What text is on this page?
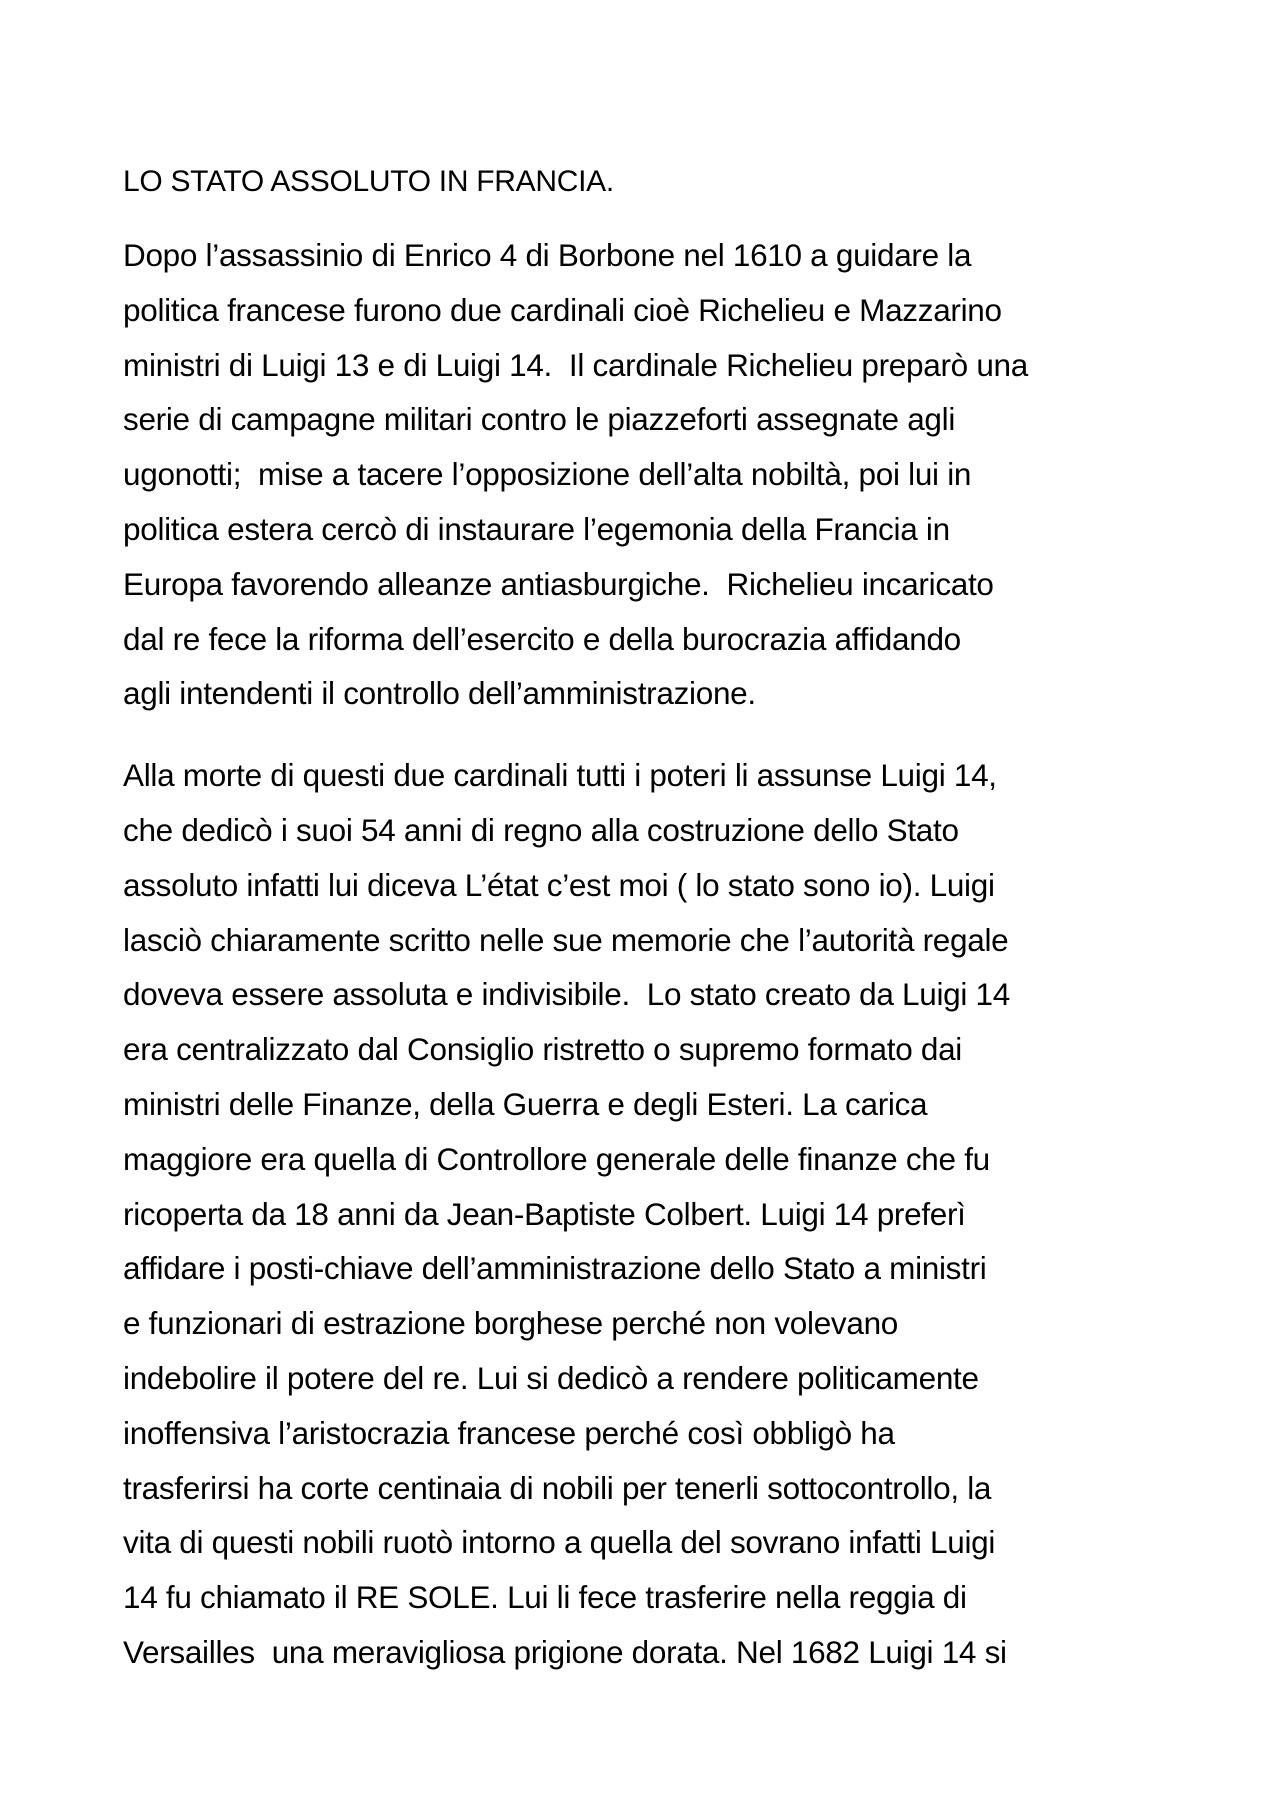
LO STATO ASSOLUTO IN FRANCIA.
Dopo l’assassinio di Enrico 4 di Borbone nel 1610 a guidare la
politica francese furono due cardinali cioè Richelieu e Mazzarino
ministri di Luigi 13 e di Luigi 14.  Il cardinale Richelieu preparò una
serie di campagne militari contro le piazzeforti assegnate agli
ugonotti;  mise a tacere l’opposizione dell’alta nobiltà, poi lui in
politica estera cercò di instaurare l’egemonia della Francia in
Europa favorendo alleanze antiasburgiche.  Richelieu incaricato
dal re fece la riforma dell’esercito e della burocrazia affidando
agli intendenti il controllo dell’amministrazione.
Alla morte di questi due cardinali tutti i poteri li assunse Luigi 14,
che dedicò i suoi 54 anni di regno alla costruzione dello Stato
assoluto infatti lui diceva L’état c’est moi ( lo stato sono io). Luigi
lasciò chiaramente scritto nelle sue memorie che l’autorità regale
doveva essere assoluta e indivisibile.  Lo stato creato da Luigi 14
era centralizzato dal Consiglio ristretto o supremo formato dai
ministri delle Finanze, della Guerra e degli Esteri. La carica
maggiore era quella di Controllore generale delle finanze che fu
ricoperta da 18 anni da Jean-Baptiste Colbert. Luigi 14 preferì
affidare i posti-chiave dell’amministrazione dello Stato a ministri
e funzionari di estrazione borghese perché non volevano
indebolire il potere del re. Lui si dedicò a rendere politicamente
inoffensiva l’aristocrazia francese perché così obbligò ha
trasferirsi ha corte centinaia di nobili per tenerli sottocontrollo, la
vita di questi nobili ruotò intorno a quella del sovrano infatti Luigi
14 fu chiamato il RE SOLE. Lui li fece trasferire nella reggia di
Versailles  una meravigliosa prigione dorata. Nel 1682 Luigi 14 si
